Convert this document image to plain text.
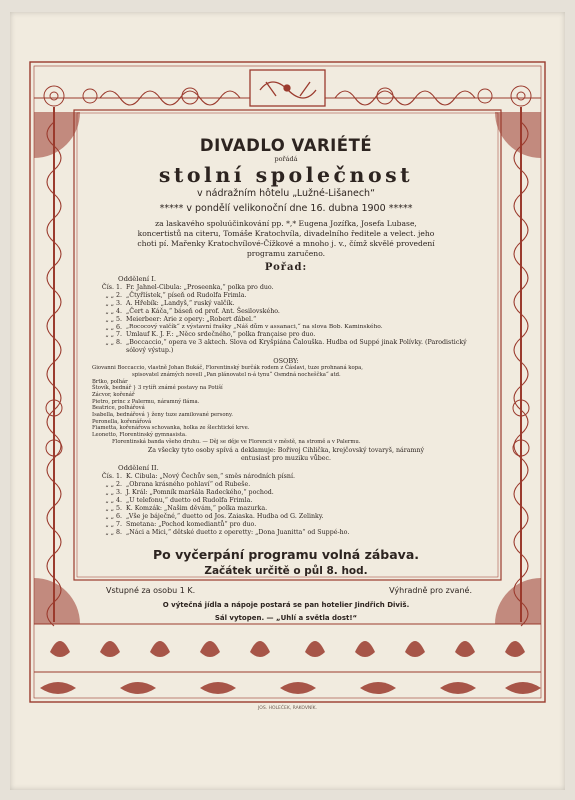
DIVADLO VARIÉTÉ
pořádá
stolní společnost
v nádražním hôtelu „Lužné-Lišanech“
***** v pondělí velikonoční dne 16. dubna 1900 *****
za laskavého spoluúčinkování pp. *,* Eugena Jozífka, Josefa Lubase,
koncertistů na citeru, Tomáše Kratochvíla, divadelního ředitele a velect. jeho
choti pí. Mařenky Kratochvílové-Čížkové a mnoho j. v., čímž skvělé provedení
programu zaručeno.
Pořad:
Oddělení I.
Čís. 1. Fr. Jahnel-Cibula: „Proseenka,“ polka pro duo.
„ „ 2. „Čtyřlístek,“ píseň od Rudolfa Frimla.
„ „ 3. A. Hřebík: „Landyš,“ ruský valčík.
„ „ 4. „Čert a Káča,“ báseň od prof. Ant. Šesilovského.
„ „ 5. Meierbeer: Arie z opery: „Robert ďábel.“
„ „ 6. „Rococový valčík“ z výstavní frašky „Náš dům v assanaci,“ na slova Bob. Kaminského.
„ „ 7. Umlauf K. J. F.: „Něco srdečného,“ polka française pro duo.
„ „ 8. „Boccaccio,“ opera ve 3 aktech. Slova od Kryšpiána Čalouška. Hudba od Suppé jinak Polívky. (Parodistický sólový výstup.)
OSOBY:
Giovanni Boccaccio, vlastně Johan Bukáč, Florentinský burčák rodem z Čáslavi, tuze prohnaná kopa,
spisovatel známých novell „Pan plánovatel n-á tynu“ Osmdná nocheščka“ atd.
Brtko, polhár
Štovík, bednář } 3 rytíři známé postavy na Potiší
Zácvor, kořenář
Pietro, princ z Palermu, náramný fláma.
Beatrice, polhářová
Isabella, bednářová } ženy tuze zamilované persony.
Peronella, kořenářová
Fiametta, kořenářova schovanka, holka ze šlechtické krve.
Leonetto, Florentinský gymnasista.
Florentinská banda všeho druhu. — Děj se děje ve Florencii v městě, na stromě a v Palermu.
Za všecky tyto osoby spívá a deklamuje: Bořivoj Cihlička, krejčovský tovaryš, náramný
entusiast pro muziku vůbec.
Oddělení II.
Čís. 1. K. Cibula: „Nový Čechův sen,“ směs národních písní.
„ „ 2. „Obrana krásného pohlaví“ od Rubeše.
„ „ 3. J. Král: „Pomník maršála Radeckého,“ pochod.
„ „ 4. „U telefonu,“ duetto od Rudolfa Frimla.
„ „ 5. K. Komzák: „Našim děvám,“ polka mazurka.
„ „ 6. „Vše je báječné,“ duetto od Jos. Zaiaska. Hudba od G. Zelinky.
„ „ 7. Smetana: „Pochod komediantů“ pro duo.
„ „ 8. „Náci a Mici,“ dětské duetto z operetty: „Dona Juanitta“ od Suppé-ho.
Po vyčerpání programu volná zábava.
Začátek určitě o půl 8. hod.
Vstupné za osobu 1 K.	Výhradně pro zvané.
O výtečná jídla a nápoje postará se pan hotelier Jindřich Diviš.
Sál vytopen. — „Uhlí a světla dost!“
JOS. HOLEČEK, RAKOVNÍK.
